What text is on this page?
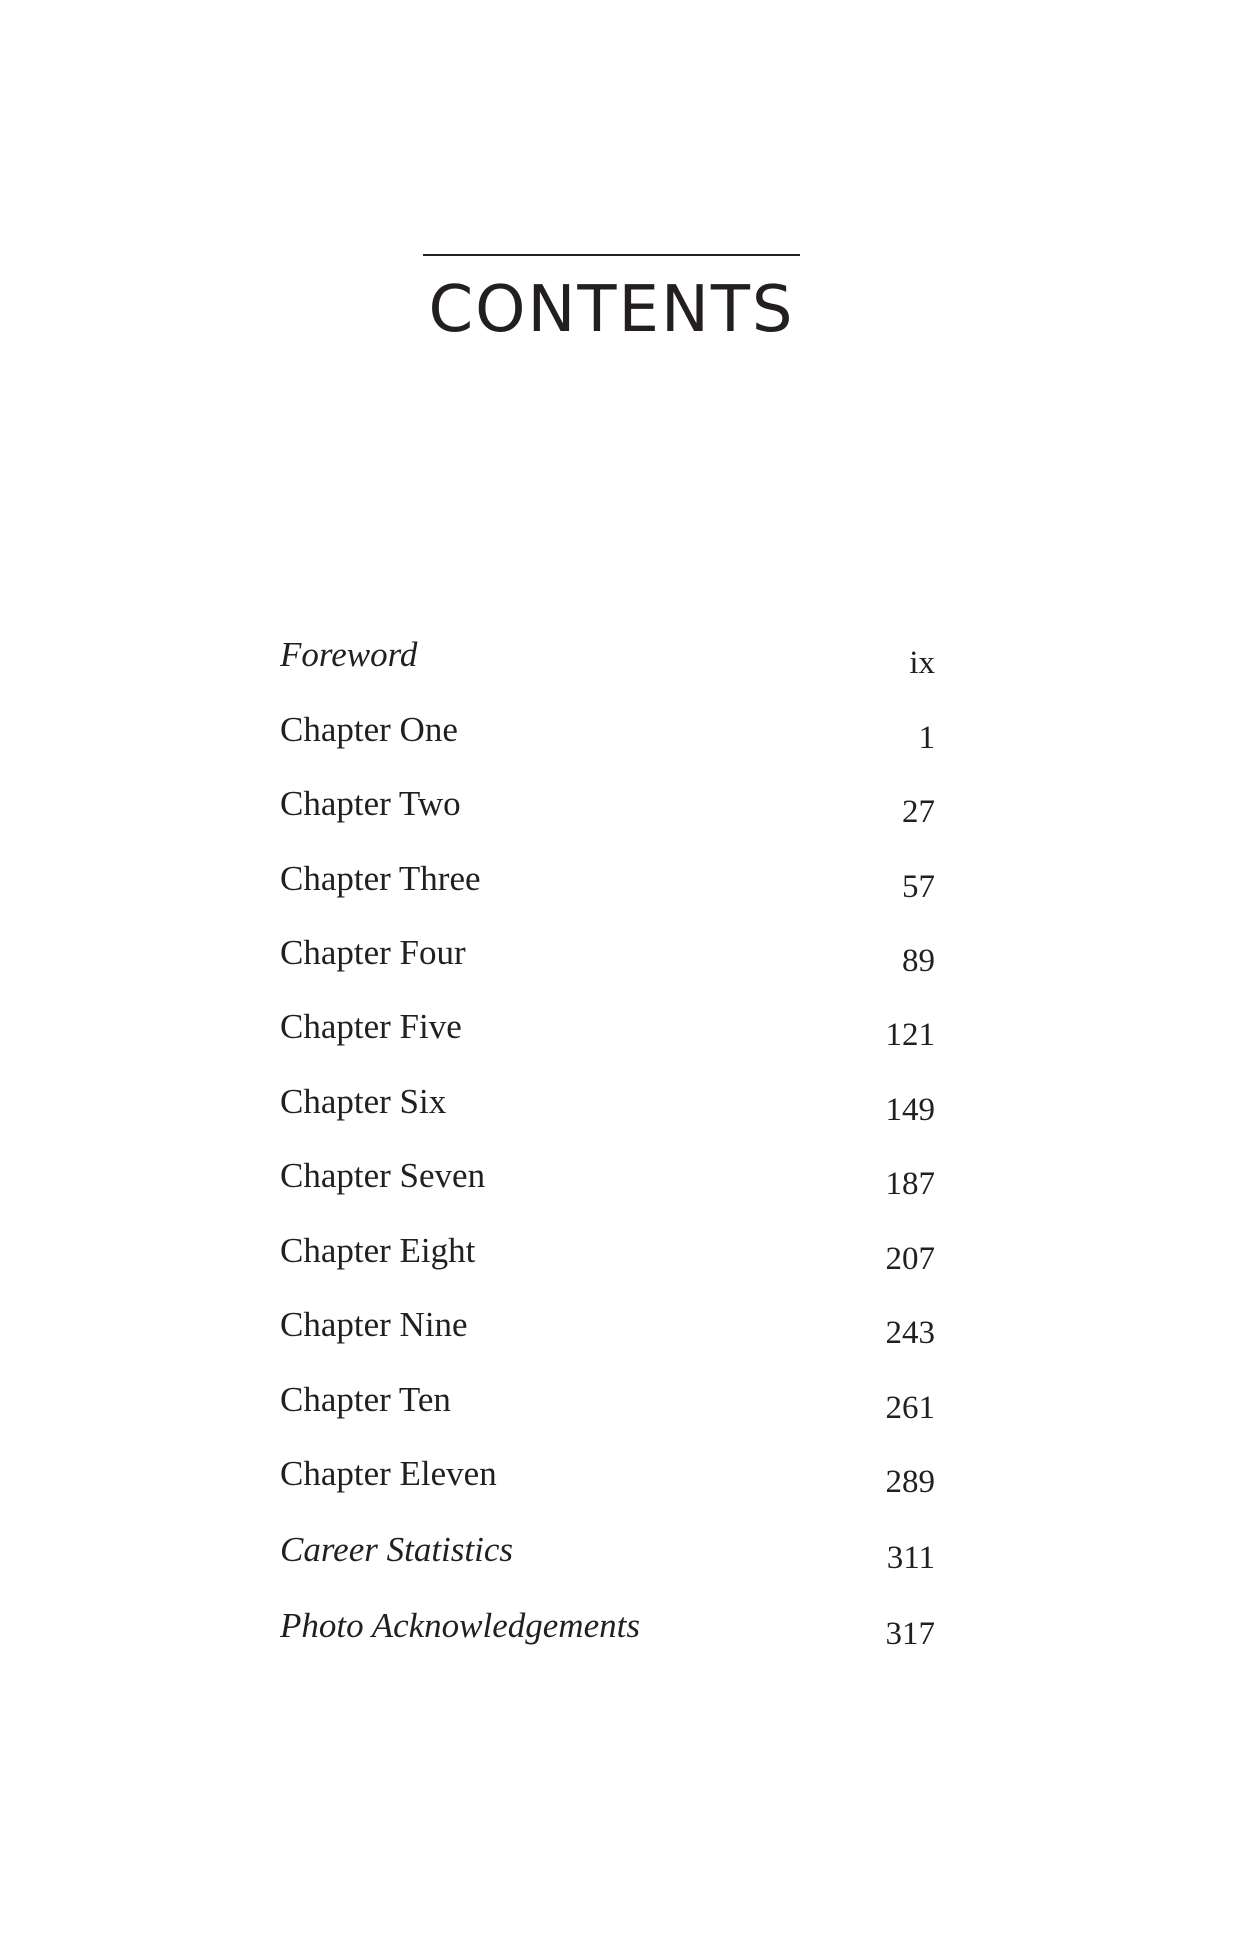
CONTENTS
Foreword	ix
Chapter One	1
Chapter Two	27
Chapter Three	57
Chapter Four	89
Chapter Five	121
Chapter Six	149
Chapter Seven	187
Chapter Eight	207
Chapter Nine	243
Chapter Ten	261
Chapter Eleven	289
Career Statistics	311
Photo Acknowledgements	317
